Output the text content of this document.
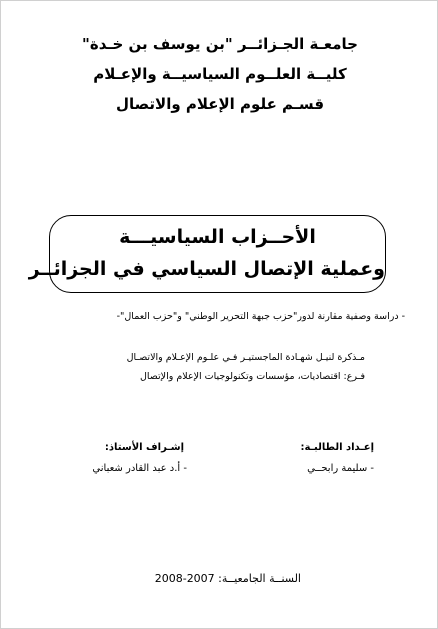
جامعـة الجـزائــر "بن يوسف بن خـدة"
كليــة العلــوم السياسيــة والإعـلام
قسـم علوم الإعلام والاتصال
الأحــزاب السياسيـــة
وعملية الإتصال السياسي في الجزائــر
- دراسة وصفية مقارنة لدور"حزب جبهة التحرير الوطني" و"حزب العمال"-
مـذكرة لنيـل شهـادة الماجستيـر فـي علـوم الإعـلام والاتصـال
فـرع: اقتصاديات، مؤسسات وتكنولوجيات الإعلام والإتصال
إعـداد الطالبـة:
- سليمة رابحــي
إشـراف الأستاذ:
- أ.د عبد القادر شعباني
السنــة الجامعيــة: 2007-2008
